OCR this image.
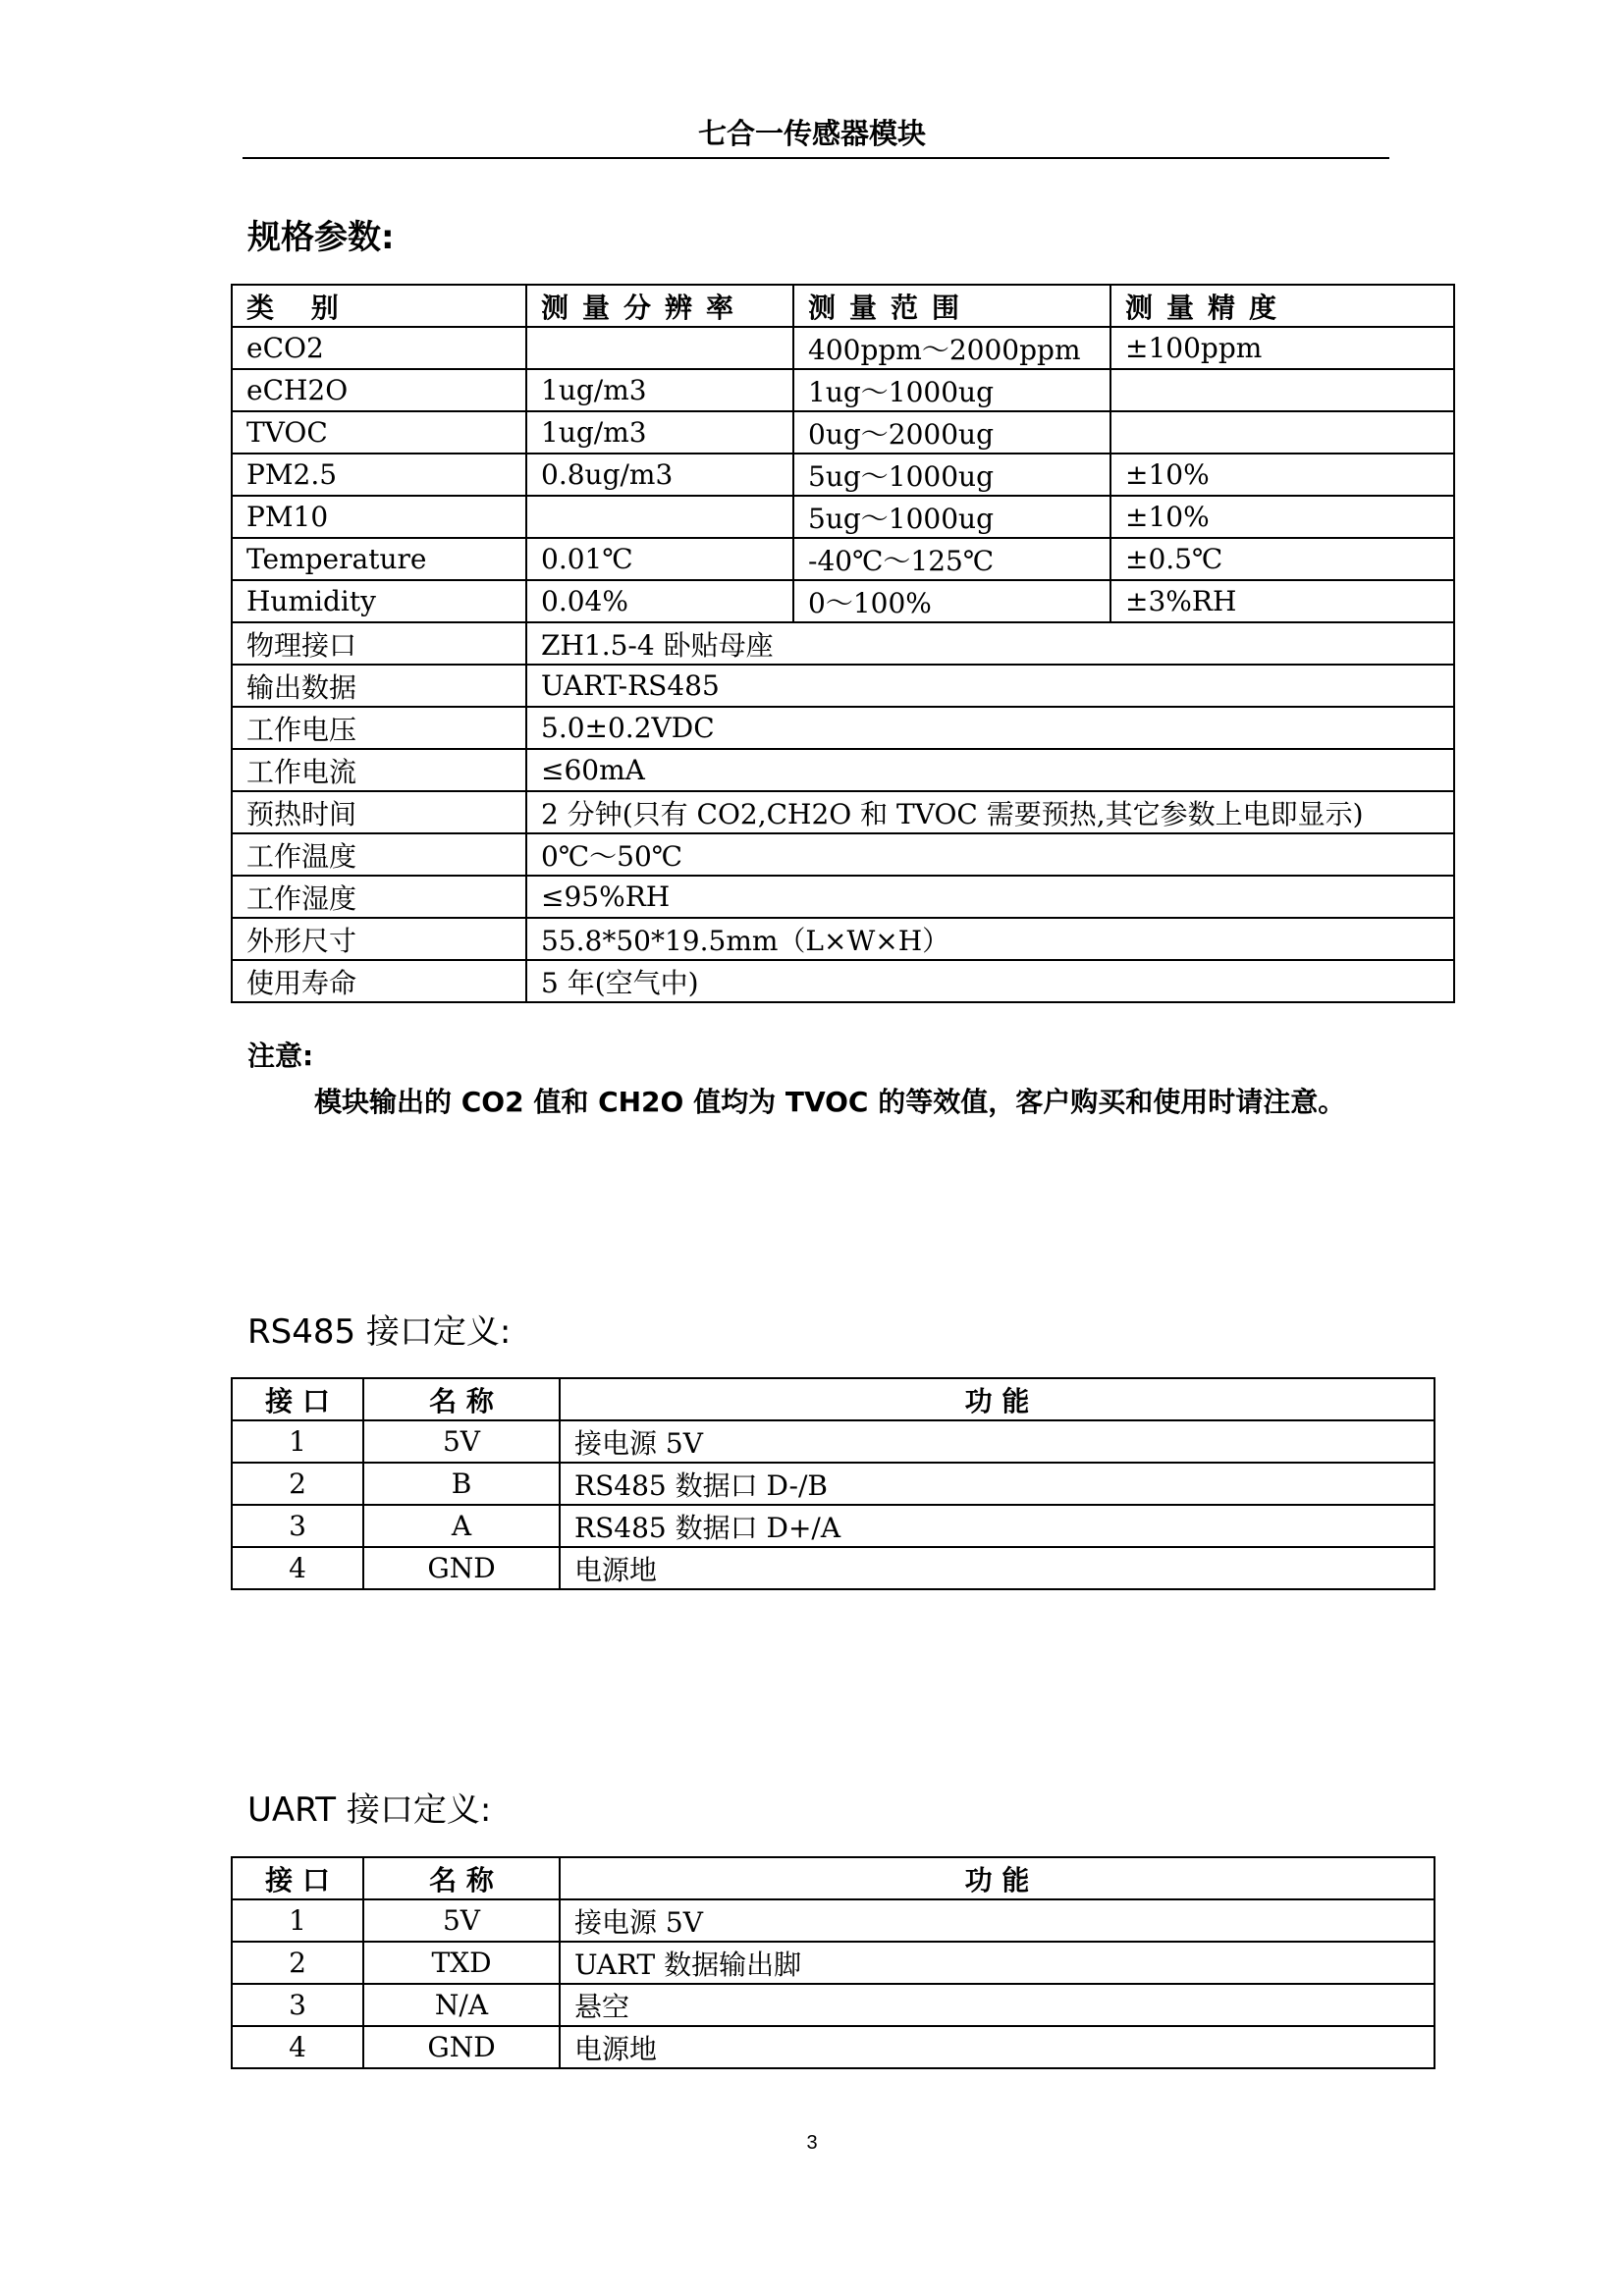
七合一传感器模块
规格参数:
类 别	测量分辨率	测量范围	测量精度
eCO2		400ppm～2000ppm	±100ppm
eCH2O	1ug/m3	1ug～1000ug	
TVOC	1ug/m3	0ug～2000ug	
PM2.5	0.8ug/m3	5ug～1000ug	±10%
PM10		5ug～1000ug	±10%
Temperature	0.01℃	-40℃～125℃	±0.5℃
Humidity	0.04%	0～100%	±3%RH
物理接口	ZH1.5-4 卧贴母座		
输出数据	UART-RS485		
工作电压	5.0±0.2VDC		
工作电流	≤60mA		
预热时间	2 分钟(只有 CO2,CH2O 和 TVOC 需要预热,其它参数上电即显示)		
工作温度	0℃～50℃		
工作湿度	≤95%RH		
外形尺寸	55.8*50*19.5mm（L×W×H）		
使用寿命	5 年(空气中)		
注意:

模块输出的 CO2 值和 CH2O 值均为 TVOC 的等效值，客户购买和使用时请注意。

RS485 接口定义:
接 口	名 称	功 能
1	5V	接电源 5V
2	B	RS485 数据口 D-/B
3	A	RS485 数据口 D+/A
4	GND	电源地
UART 接口定义:
接 口	名 称	功 能
1	5V	接电源 5V
2	TXD	UART 数据输出脚
3	N/A	悬空
4	GND	电源地
3
